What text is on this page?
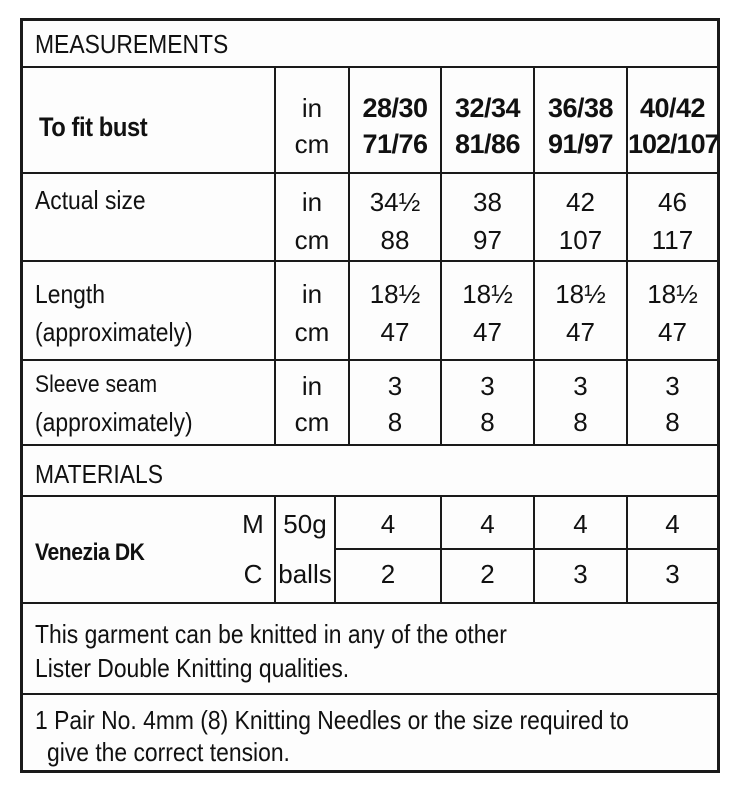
MEASUREMENTS
To fit bust
in
cm
28/30
71/76
32/34
81/86
36/38
91/97
40/42
102/107
Actual size	in
cm
34½
88
38
97
42
107
46
117
Length
(approximately)
in
cm
18½
47
18½
47
18½
47
18½
47
Sleeve seam
(approximately)
in
cm
3
8
3
8
3
8
3
8
MATERIALS
Venezia DK
M
C
50g
balls
4
2
4
2
4
3
4
3
This garment can be knitted in any of the other
Lister Double Knitting qualities.
1 Pair No. 4mm (8) Knitting Needles or the size required to
give the correct tension.
